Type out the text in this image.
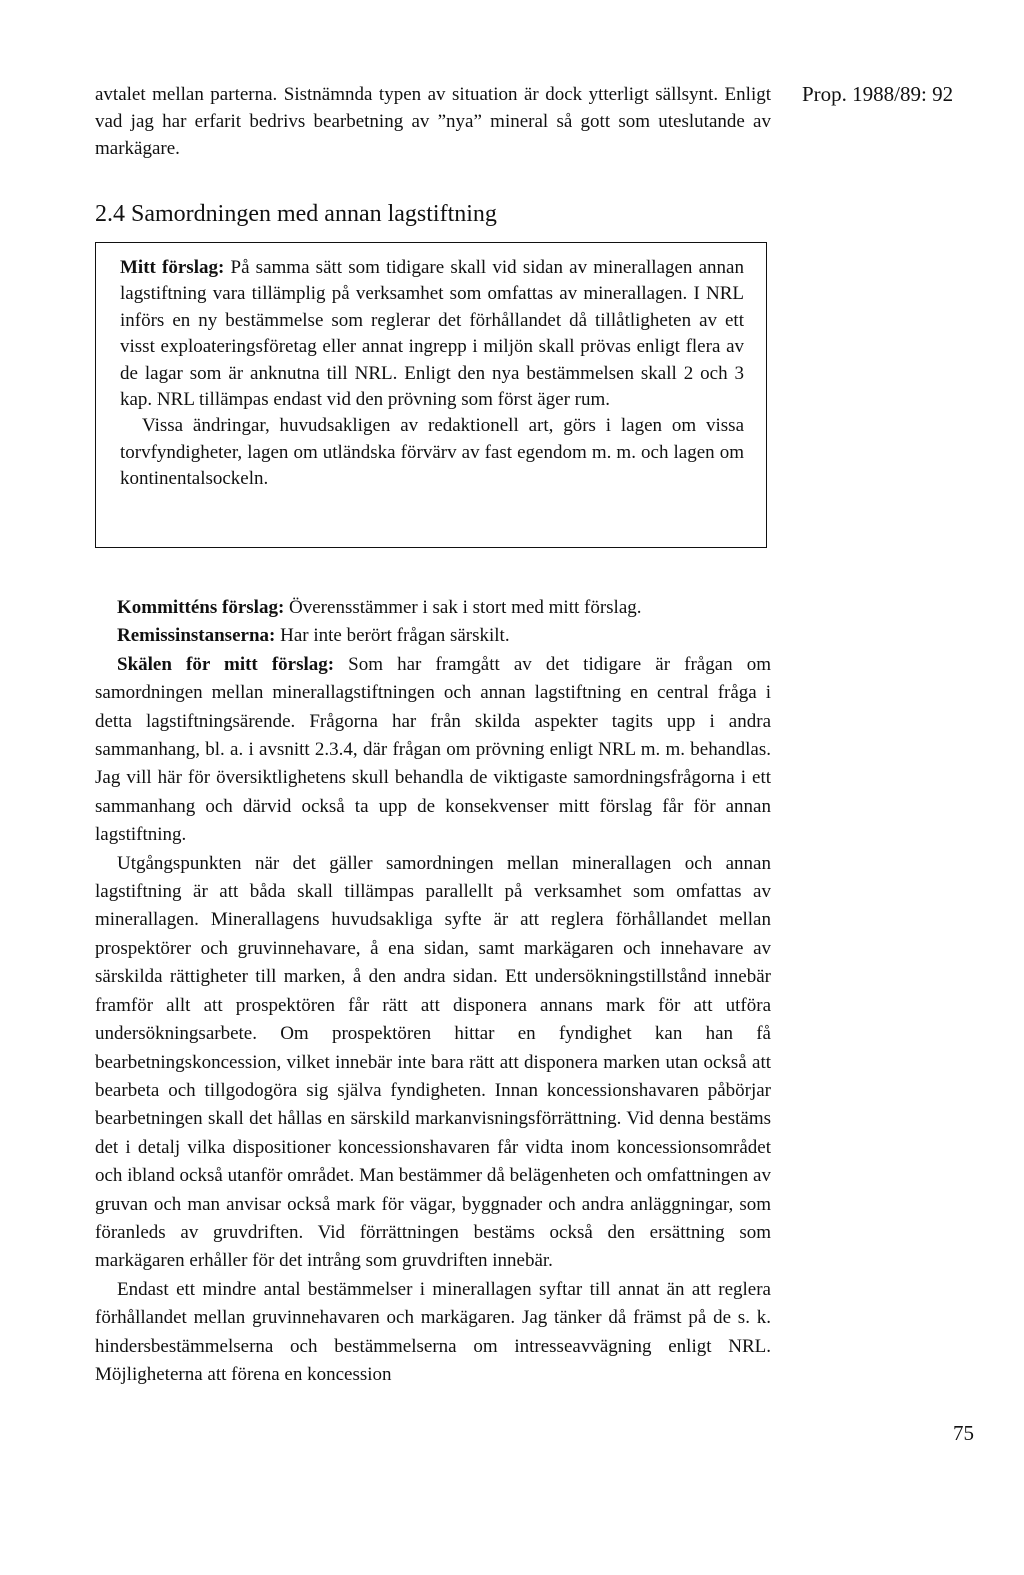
avtalet mellan parterna. Sistnämnda typen av situation är dock ytterligt sällsynt. Enligt vad jag har erfarit bedrivs bearbetning av ”nya” mineral så gott som uteslutande av markägare.
Prop. 1988/89: 92
2.4 Samordningen med annan lagstiftning

Mitt förslag: På samma sätt som tidigare skall vid sidan av minerallagen annan lagstiftning vara tillämplig på verksamhet som omfattas av minerallagen. I NRL införs en ny bestämmelse som reglerar det förhållandet då tillåtligheten av ett visst exploateringsföretag eller annat ingrepp i miljön skall prövas enligt flera av de lagar som är anknutna till NRL. Enligt den nya bestämmelsen skall 2 och 3 kap. NRL tillämpas endast vid den prövning som först äger rum.

Vissa ändringar, huvudsakligen av redaktionell art, görs i lagen om vissa torvfyndigheter, lagen om utländska förvärv av fast egendom m. m. och lagen om kontinentalsockeln.

Kommitténs förslag: Överensstämmer i sak i stort med mitt förslag.

Remissinstanserna: Har inte berört frågan särskilt.

Skälen för mitt förslag: Som har framgått av det tidigare är frågan om samordningen mellan minerallagstiftningen och annan lagstiftning en central fråga i detta lagstiftningsärende. Frågorna har från skilda aspekter tagits upp i andra sammanhang, bl. a. i avsnitt 2.3.4, där frågan om prövning enligt NRL m. m. behandlas. Jag vill här för översiktlighetens skull behandla de viktigaste samordningsfrågorna i ett sammanhang och därvid också ta upp de konsekvenser mitt förslag får för annan lagstiftning.

Utgångspunkten när det gäller samordningen mellan minerallagen och annan lagstiftning är att båda skall tillämpas parallellt på verksamhet som omfattas av minerallagen. Minerallagens huvudsakliga syfte är att reglera förhållandet mellan prospektörer och gruvinnehavare, å ena sidan, samt markägaren och innehavare av särskilda rättigheter till marken, å den andra sidan. Ett undersökningstillstånd innebär framför allt att prospektören får rätt att disponera annans mark för att utföra undersökningsarbete. Om prospektören hittar en fyndighet kan han få bearbetningskoncession, vilket innebär inte bara rätt att disponera marken utan också att bearbeta och tillgodogöra sig själva fyndigheten. Innan koncessionshavaren påbörjar bearbetningen skall det hållas en särskild markanvisningsförrättning. Vid denna bestäms det i detalj vilka dispositioner koncessionshavaren får vidta inom koncessionsområdet och ibland också utanför området. Man bestämmer då belägenheten och omfattningen av gruvan och man anvisar också mark för vägar, byggnader och andra anläggningar, som föranleds av gruvdriften. Vid förrättningen bestäms också den ersättning som markägaren erhåller för det intrång som gruvdriften innebär.

Endast ett mindre antal bestämmelser i minerallagen syftar till annat än att reglera förhållandet mellan gruvinnehavaren och markägaren. Jag tänker då främst på de s. k. hindersbestämmelserna och bestämmelserna om intresseavvägning enligt NRL. Möjligheterna att förena en koncession

75
